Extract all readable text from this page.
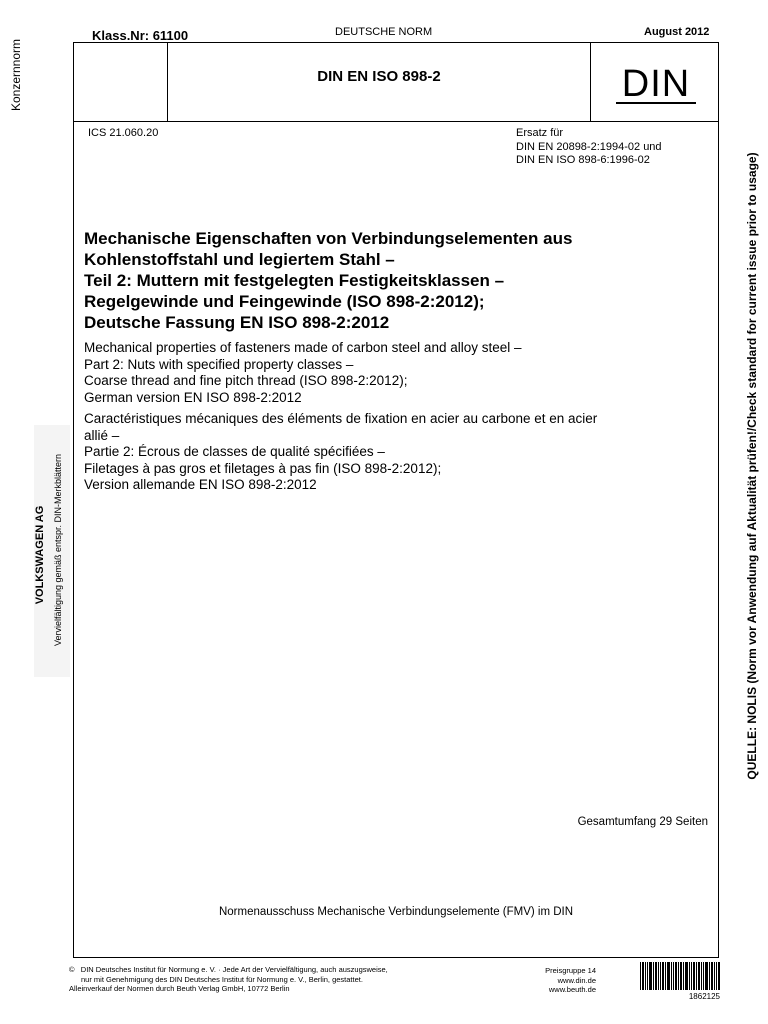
Klass.Nr: 61100	DEUTSCHE NORM	August 2012
DIN EN ISO 898-2	DIN
ICS 21.060.20	Ersatz für
DIN EN 20898-2:1994-02 und
DIN EN ISO 898-6:1996-02
Mechanische Eigenschaften von Verbindungselementen aus
Kohlenstoffstahl und legiertem Stahl –
Teil 2: Muttern mit festgelegten Festigkeitsklassen –
Regelgewinde und Feingewinde (ISO 898-2:2012);
Deutsche Fassung EN ISO 898-2:2012
Mechanical properties of fasteners made of carbon steel and alloy steel –
Part 2: Nuts with specified property classes –
Coarse thread and fine pitch thread (ISO 898-2:2012);
German version EN ISO 898-2:2012
Caractéristiques mécaniques des éléments de fixation en acier au carbone et en acier
allié –
Partie 2: Écrous de classes de qualité spécifiées –
Filetages à pas gros et filetages à pas fin (ISO 898-2:2012);
Version allemande EN ISO 898-2:2012
Gesamtumfang 29 Seiten
Normenausschuss Mechanische Verbindungselemente (FMV) im DIN
Konzernnorm
VOLKSWAGEN AG Vervielfältigung gemäß entspr. DIN-Merkblättern	QUELLE: NOLIS (Norm vor Anwendung auf Aktualität prüfen!/Check standard for current issue prior to usage)
© DIN Deutsches Institut für Normung e. V. · Jede Art der Vervielfältigung, auch auszugsweise,
nur mit Genehmigung des DIN Deutsches Institut für Normung e. V., Berlin, gestattet.
Alleinverkauf der Normen durch Beuth Verlag GmbH, 10772 Berlin
Preisgruppe 14
www.din.de
www.beuth.de
1862125
